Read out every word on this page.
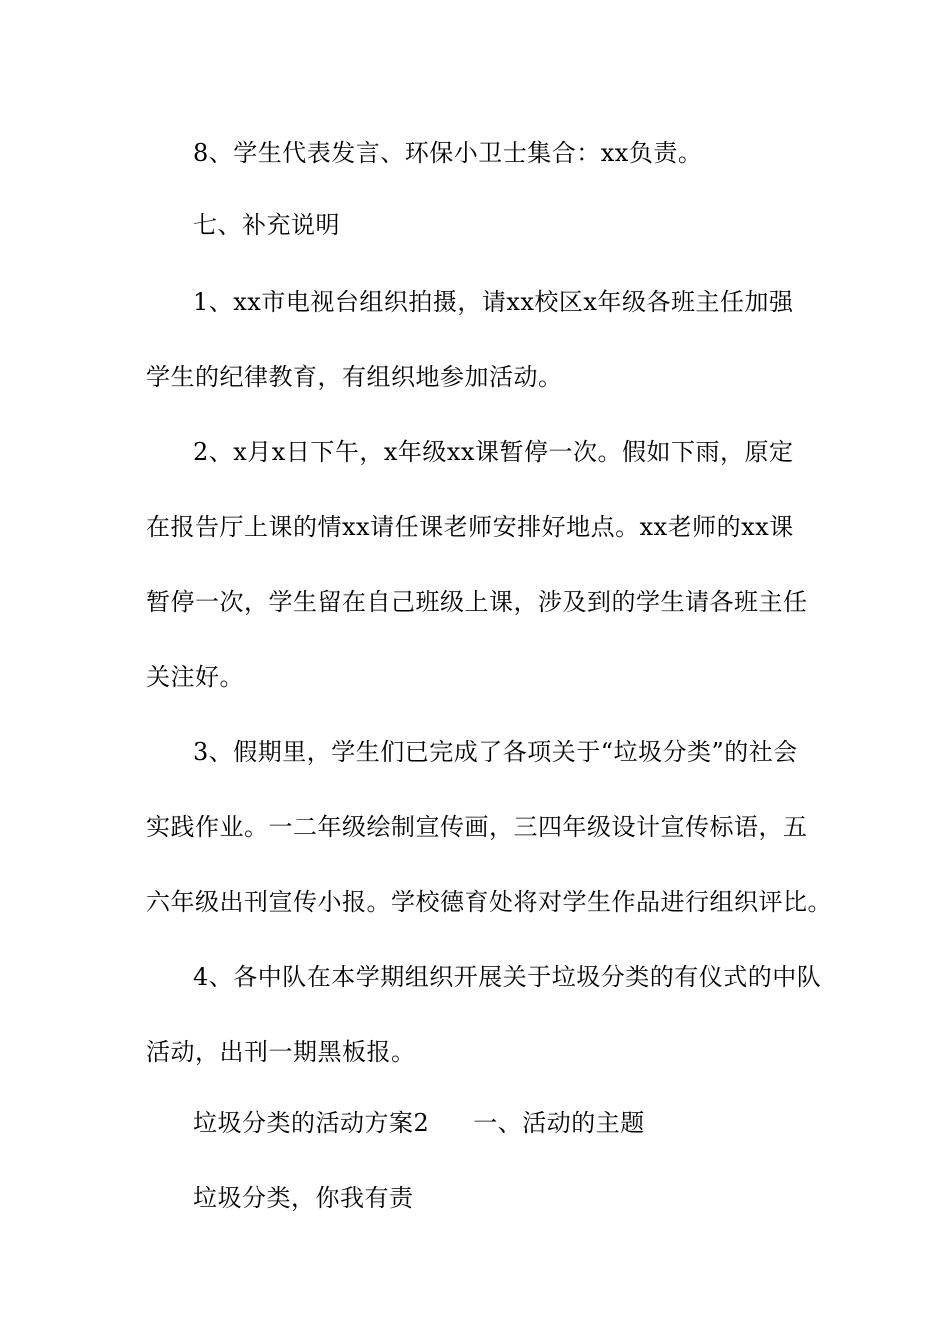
8、学生代表发言、环保小卫士集合：xx负责。

七、补充说明

1、xx市电视台组织拍摄，请xx校区x年级各班主任加强

学生的纪律教育，有组织地参加活动。

2、x月x日下午，x年级xx课暂停一次。假如下雨，原定

在报告厅上课的情xx请任课老师安排好地点。xx老师的xx课

暂停一次，学生留在自己班级上课，涉及到的学生请各班主任

关注好。

3、假期里，学生们已完成了各项关于“垃圾分类”的社会

实践作业。一二年级绘制宣传画，三四年级设计宣传标语，五

六年级出刊宣传小报。学校德育处将对学生作品进行组织评比。

4、各中队在本学期组织开展关于垃圾分类的有仪式的中队

活动，出刊一期黑板报。

垃圾分类的活动方案2 一、活动的主题

垃圾分类，你我有责
